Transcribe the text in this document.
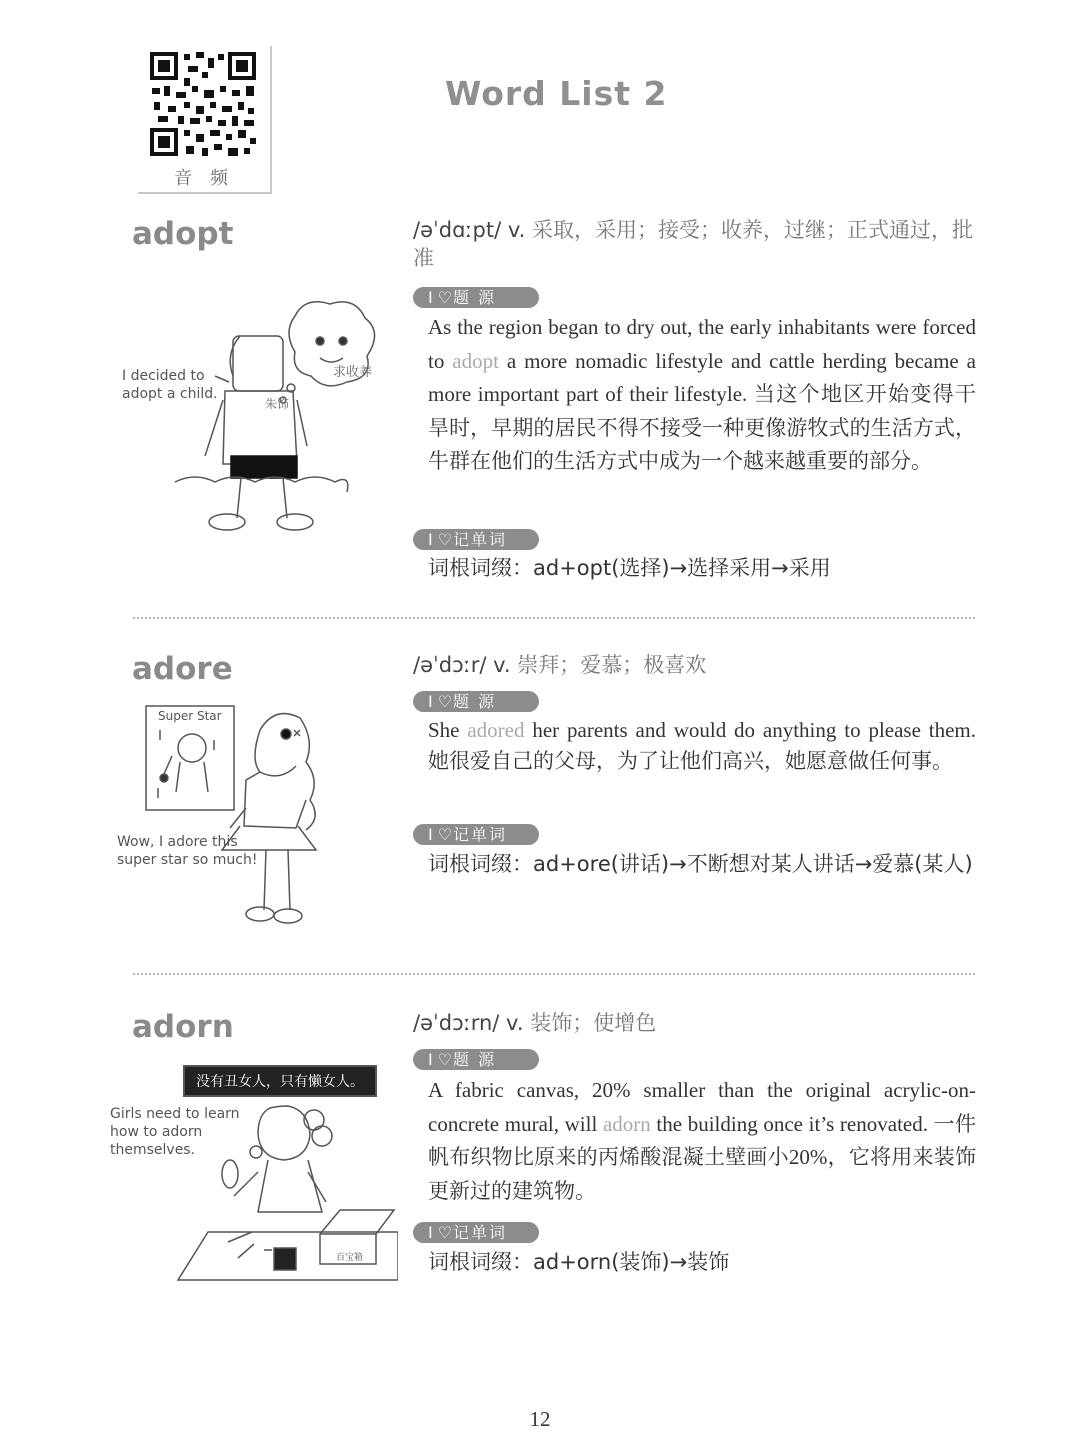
音 频
Word List 2
adopt	/əˈdɑːpt/ v. 采取，采用；接受；收养，过继；正式通过，批准
I ♡ 题 源
As the region began to dry out, the early inhabitants were forced to adopt a more nomadic lifestyle and cattle herding became a more important part of their lifestyle. 当这个地区开始变得干旱时，早期的居民不得不接受一种更像游牧式的生活方式，牛群在他们的生活方式中成为一个越来越重要的部分。
I ♡ 记单词
词根词缀：ad+opt(选择)→选择采用→采用
求收养
朱饰
I decided to
adopt a child.
adore	/əˈdɔːr/ v. 崇拜；爱慕；极喜欢
I ♡ 题 源
She adored her parents and would do anything to please them. 她很爱自己的父母，为了让他们高兴，她愿意做任何事。
I ♡ 记单词
词根词缀：ad+ore(讲话)→不断想对某人讲话→爱慕(某人)
Super Star
Wow, I adore this
super star so much!
adorn	/əˈdɔːrn/ v. 装饰；使增色
I ♡ 题 源
A fabric canvas, 20% smaller than the original acrylic-on-concrete mural, will adorn the building once it’s renovated. 一件帆布织物比原来的丙烯酸混凝土壁画小20%，它将用来装饰更新过的建筑物。
I ♡ 记单词
词根词缀：ad+orn(装饰)→装饰
没有丑女人，只有懒女人。
百宝箱
Girls need to learn
how to adorn
themselves.
12
